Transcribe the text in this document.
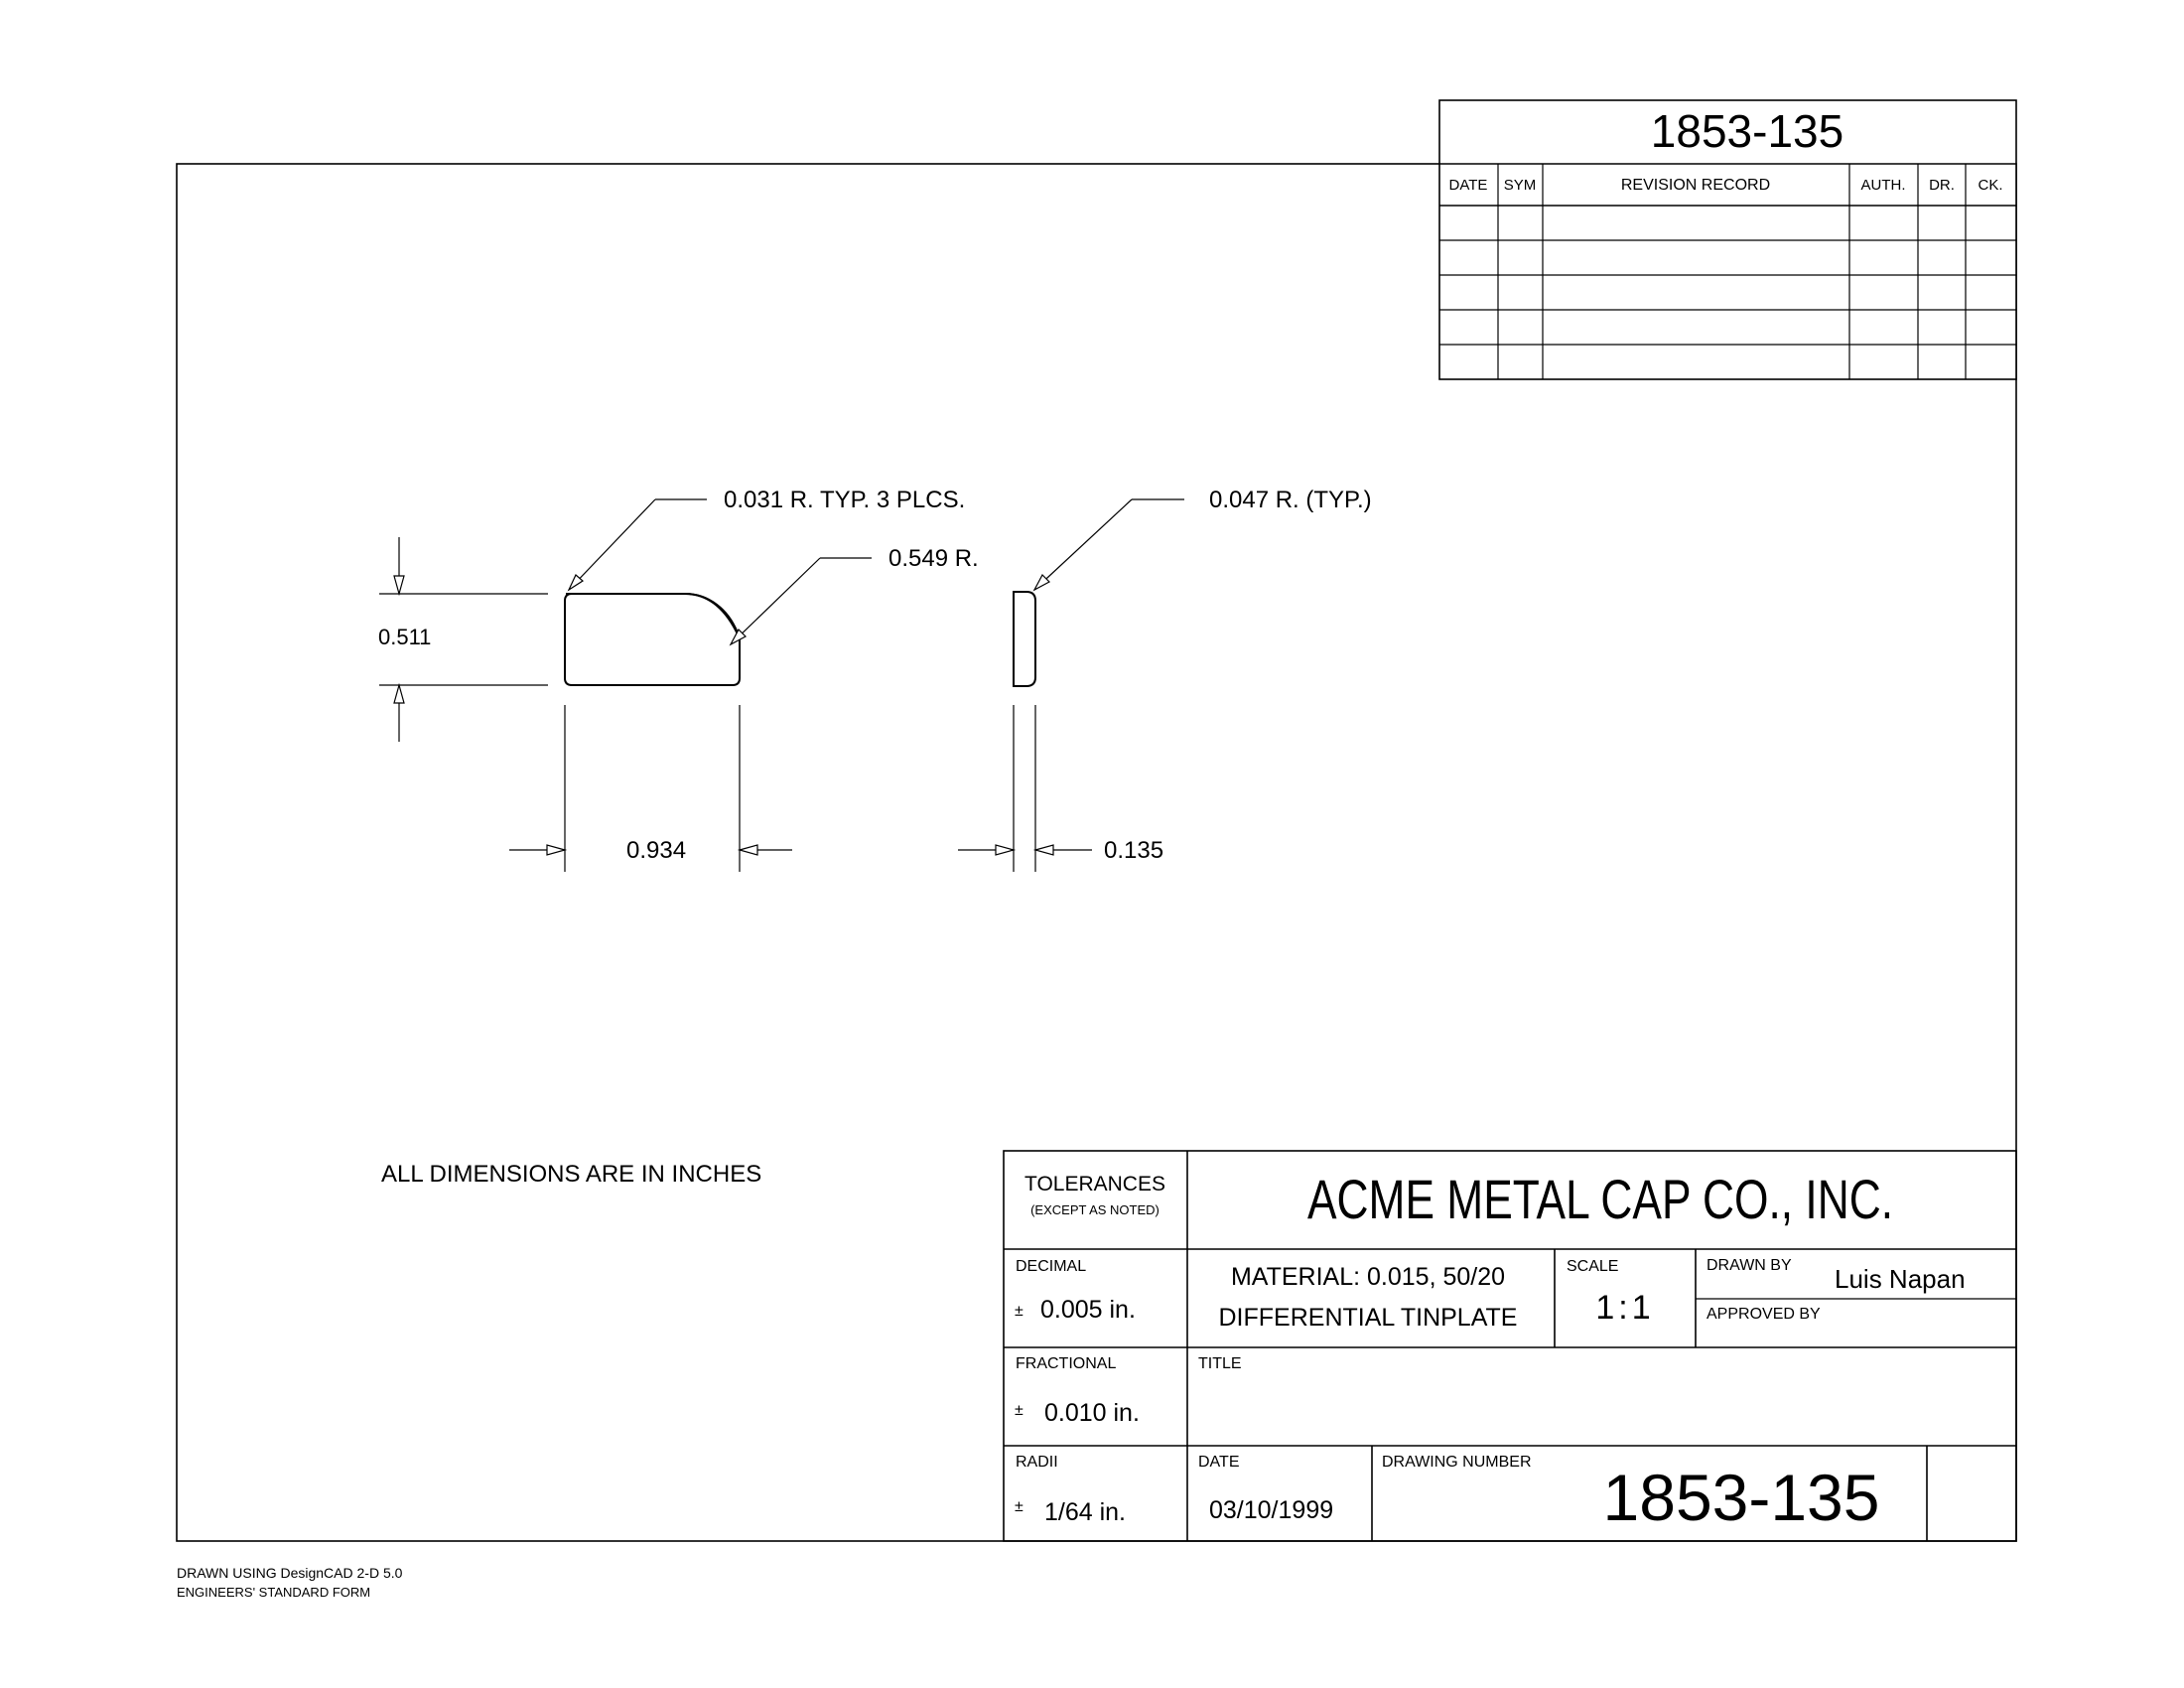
1853-135
DATE SYM	REVISION RECORD	AUTH. DR. CK.
0.511
0.934	0.135
0.031 R. TYP. 3 PLCS.
0.549 R.
0.047 R. (TYP.)
ALL DIMENSIONS ARE IN INCHES	TOLERANCES
(EXCEPT AS NOTED)	ACME METAL CAP CO., INC.
DECIMAL
± 0.005 in.
MATERIAL: 0.015, 50/20
DIFFERENTIAL TINPLATE
SCALE
1:1
DRAWN BY Luis Napan
APPROVED BY
FRACTIONAL
± 0.010 in.
TITLE
RADII
± 1/64 in.
DATE
03/10/1999
DRAWING NUMBER 1853-135
DRAWN USING DesignCAD 2-D 5.0
ENGINEERS' STANDARD FORM
